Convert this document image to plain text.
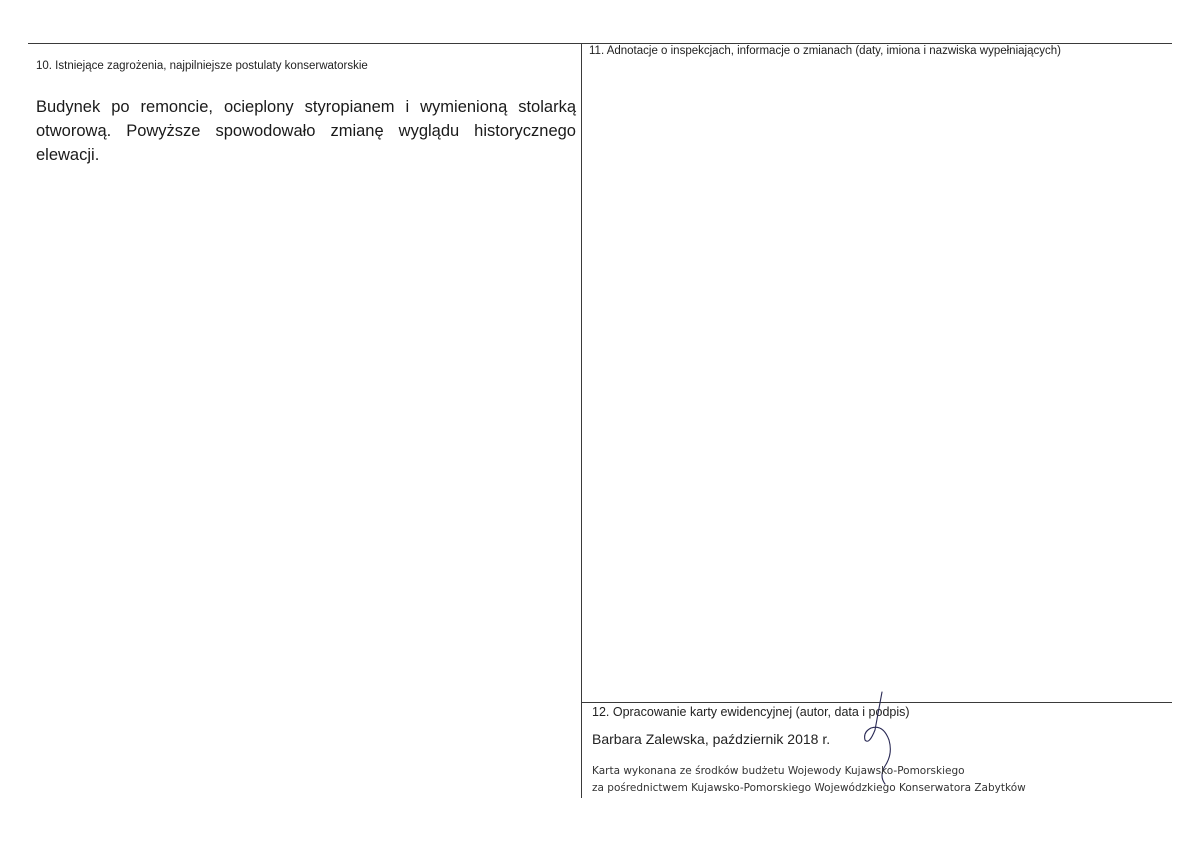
10. Istniejące zagrożenia, najpilniejsze postulaty konserwatorskie
Budynek po remoncie, ocieplony styropianem i wymienioną stolarką otworową. Powyższe spowodowało zmianę wyglądu historycznego elewacji.
11. Adnotacje o inspekcjach, informacje o zmianach (daty, imiona i nazwiska wypełniających)
12. Opracowanie karty ewidencyjnej (autor, data i podpis)
Barbara Zalewska, październik 2018 r.
Karta wykonana ze środków budżetu Wojewody Kujawsko-Pomorskiego
za pośrednictwem Kujawsko-Pomorskiego Wojewódzkiego Konserwatora Zabytków
